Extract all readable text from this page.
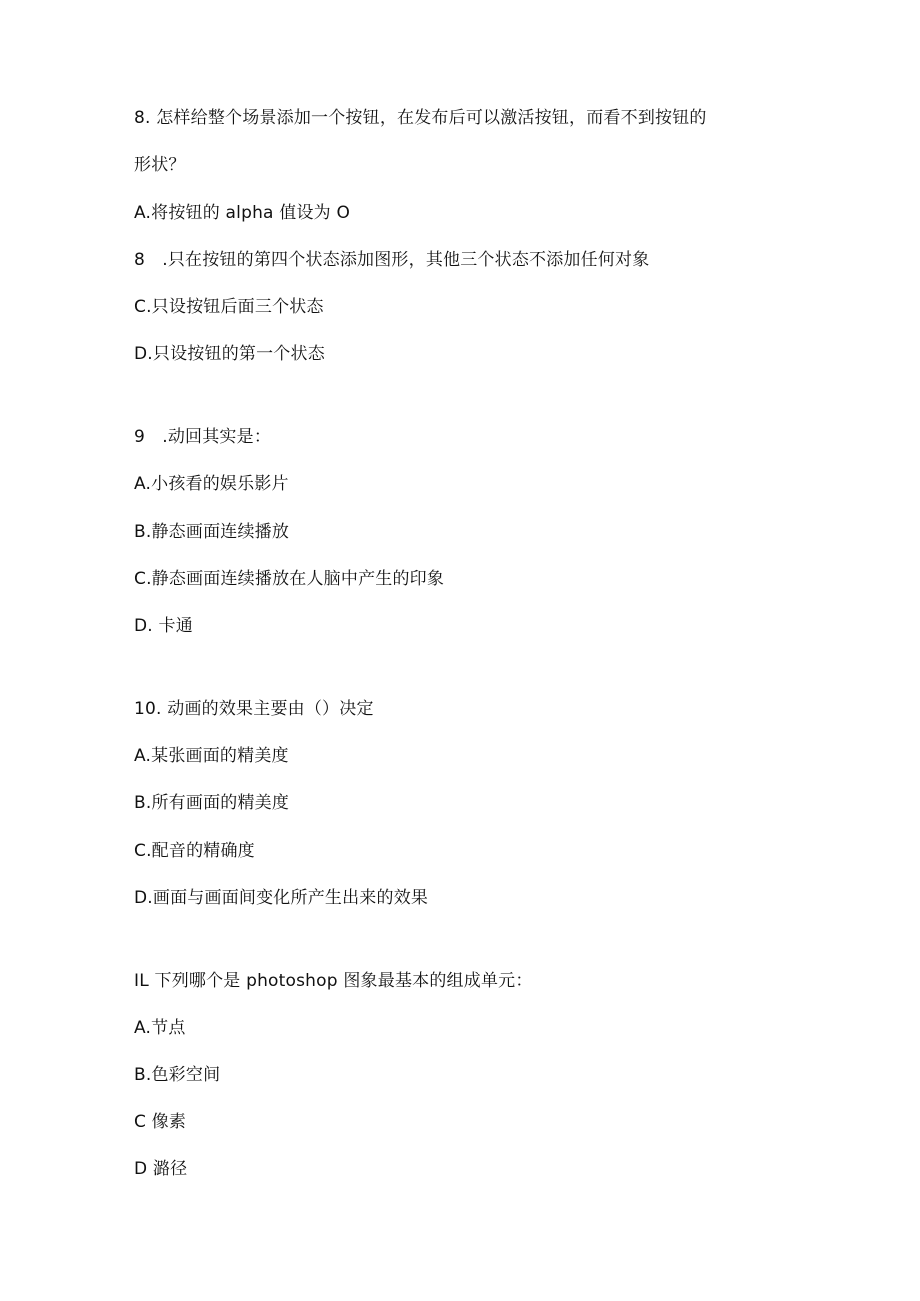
8. 怎样给整个场景添加一个按钮，在发布后可以激活按钮，而看不到按钮的
形状？
A.将按钮的 alpha 值设为 O
8　.只在按钮的第四个状态添加图形，其他三个状态不添加任何对象
C.只设按钮后面三个状态
D.只设按钮的第一个状态
9　.动回其实是：
A.小孩看的娱乐影片
B.静态画面连续播放
C.静态画面连续播放在人脑中产生的印象
D. 卡通
10. 动画的效果主要由（）决定
A.某张画面的精美度
B.所有画面的精美度
C.配音的精确度
D.画面与画面间变化所产生出来的效果
IL 下列哪个是 photoshop 图象最基本的组成单元：
A.节点
B.色彩空间
C 像素
D 潞径
